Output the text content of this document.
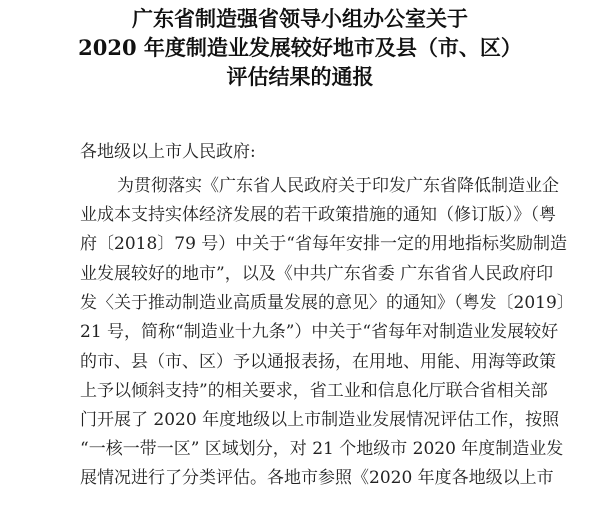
广东省制造强省领导小组办公室关于
2020 年度制造业发展较好地市及县（市、区）
评估结果的通报
各地级以上市人民政府:
为贯彻落实《广东省人民政府关于印发广东省降低制造业企
业成本支持实体经济发展的若干政策措施的通知（修订版）》（粤
府〔2018〕79 号）中关于“省每年安排一定的用地指标奖励制造
业发展较好的地市”，以及《中共广东省委 广东省省人民政府印
发〈关于推动制造业高质量发展的意见〉的通知》（粤发〔2019〕
21 号，简称“制造业十九条”）中关于“省每年对制造业发展较好
的市、县（市、区）予以通报表扬，在用地、用能、用海等政策
上予以倾斜支持”的相关要求，省工业和信息化厅联合省相关部
门开展了 2020 年度地级以上市制造业发展情况评估工作，按照
“一核一带一区” 区域划分，对 21 个地级市 2020 年度制造业发
展情况进行了分类评估。各地市参照《2020 年度各地级以上市
